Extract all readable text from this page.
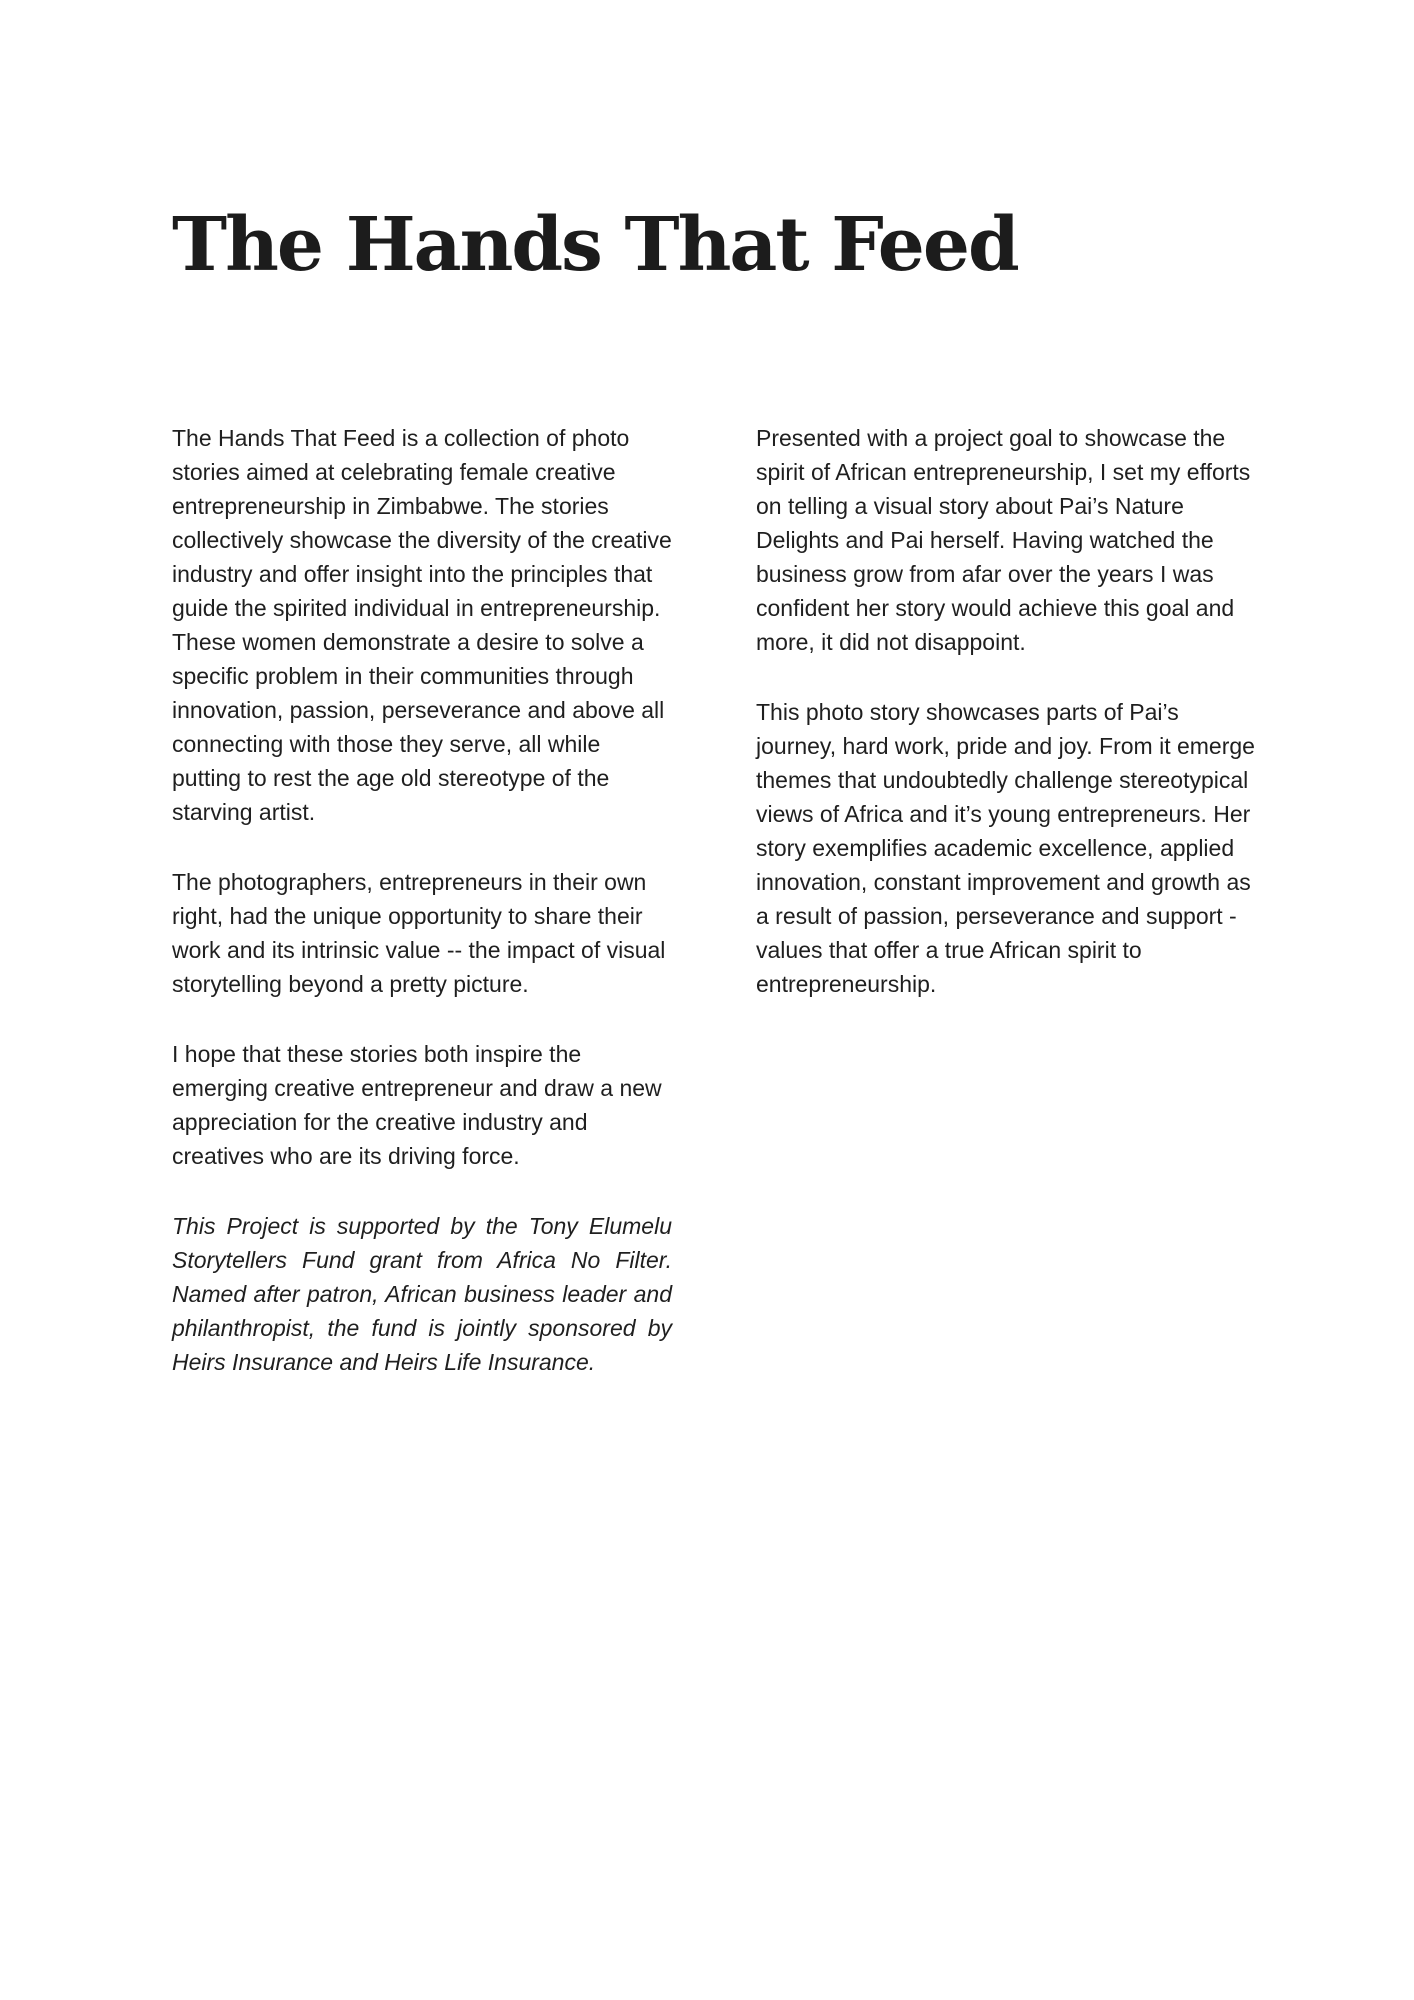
The Hands That Feed

The Hands That Feed is a collection of photo stories aimed at celebrating female creative entrepreneurship in Zimbabwe. The stories collectively showcase the diversity of the creative industry and offer insight into the principles that guide the spirited individual in entrepreneurship. These women demonstrate a desire to solve a specific problem in their communities through innovation, passion, perseverance and above all connecting with those they serve, all while putting to rest the age old stereotype of the starving artist.

The photographers, entrepreneurs in their own right, had the unique opportunity to share their work and its intrinsic value -- the impact of visual storytelling beyond a pretty picture.

I hope that these stories both inspire the emerging creative entrepreneur and draw a new appreciation for the creative industry and creatives who are its driving force.

This Project is supported by the Tony Elumelu Storytellers Fund grant from Africa No Filter. Named after patron, African business leader and philanthropist, the fund is jointly sponsored by Heirs Insurance and Heirs Life Insurance.

Presented with a project goal to showcase the spirit of African entrepreneurship, I set my efforts on telling a visual story about Pai’s Nature Delights and Pai herself. Having watched the business grow from afar over the years I was confident her story would achieve this goal and more, it did not disappoint.

This photo story showcases parts of Pai’s journey, hard work, pride and joy. From it emerge themes that undoubtedly challenge stereotypical views of Africa and it’s young entrepreneurs. Her story exemplifies academic excellence, applied innovation, constant improvement and growth as a result of passion, perseverance and support - values that offer a true African spirit to entrepreneurship.
